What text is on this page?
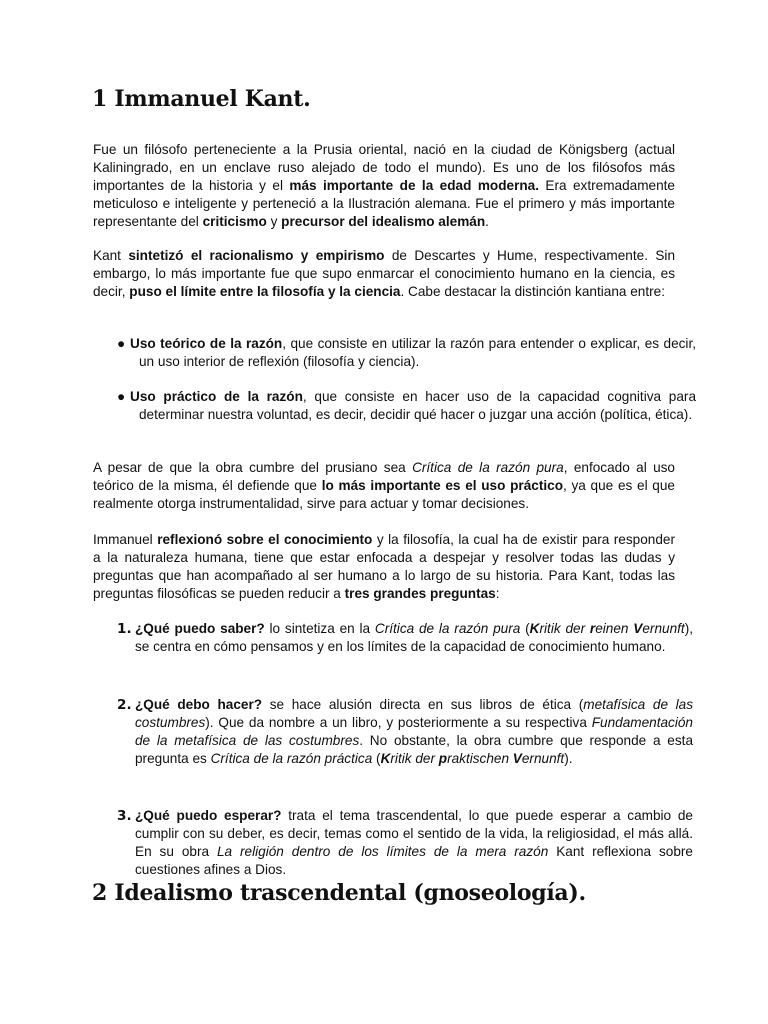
1 Immanuel Kant.

Fue un filósofo perteneciente a la Prusia oriental, nació en la ciudad de Königsberg (actual Kaliningrado, en un enclave ruso alejado de todo el mundo). Es uno de los filósofos más importantes de la historia y el más importante de la edad moderna. Era extremadamente meticuloso e inteligente y perteneció a la Ilustración alemana. Fue el primero y más importante representante del criticismo y precursor del idealismo alemán.

Kant sintetizó el racionalismo y empirismo de Descartes y Hume, respectivamente. Sin embargo, lo más importante fue que supo enmarcar el conocimiento humano en la ciencia, es decir, puso el límite entre la filosofía y la ciencia. Cabe destacar la distinción kantiana entre:

● Uso teórico de la razón, que consiste en utilizar la razón para entender o explicar, es decir, un uso interior de reflexión (filosofía y ciencia).

● Uso práctico de la razón, que consiste en hacer uso de la capacidad cognitiva para determinar nuestra voluntad, es decir, decidir qué hacer o juzgar una acción (política, ética).

A pesar de que la obra cumbre del prusiano sea Crítica de la razón pura, enfocado al uso teórico de la misma, él defiende que lo más importante es el uso práctico, ya que es el que realmente otorga instrumentalidad, sirve para actuar y tomar decisiones.

Immanuel reflexionó sobre el conocimiento y la filosofía, la cual ha de existir para responder a la naturaleza humana, tiene que estar enfocada a despejar y resolver todas las dudas y preguntas que han acompañado al ser humano a lo largo de su historia. Para Kant, todas las preguntas filosóficas se pueden reducir a tres grandes preguntas:

1. ¿Qué puedo saber? lo sintetiza en la Crítica de la razón pura (Kritik der reinen Vernunft), se centra en cómo pensamos y en los límites de la capacidad de conocimiento humano.

2. ¿Qué debo hacer? se hace alusión directa en sus libros de ética (metafísica de las costumbres). Que da nombre a un libro, y posteriormente a su respectiva Fundamentación de la metafísica de las costumbres. No obstante, la obra cumbre que responde a esta pregunta es Crítica de la razón práctica (Kritik der praktischen Vernunft).

3. ¿Qué puedo esperar? trata el tema trascendental, lo que puede esperar a cambio de cumplir con su deber, es decir, temas como el sentido de la vida, la religiosidad, el más allá. En su obra La religión dentro de los límites de la mera razón Kant reflexiona sobre cuestiones afines a Dios.

2 Idealismo trascendental (gnoseología).
